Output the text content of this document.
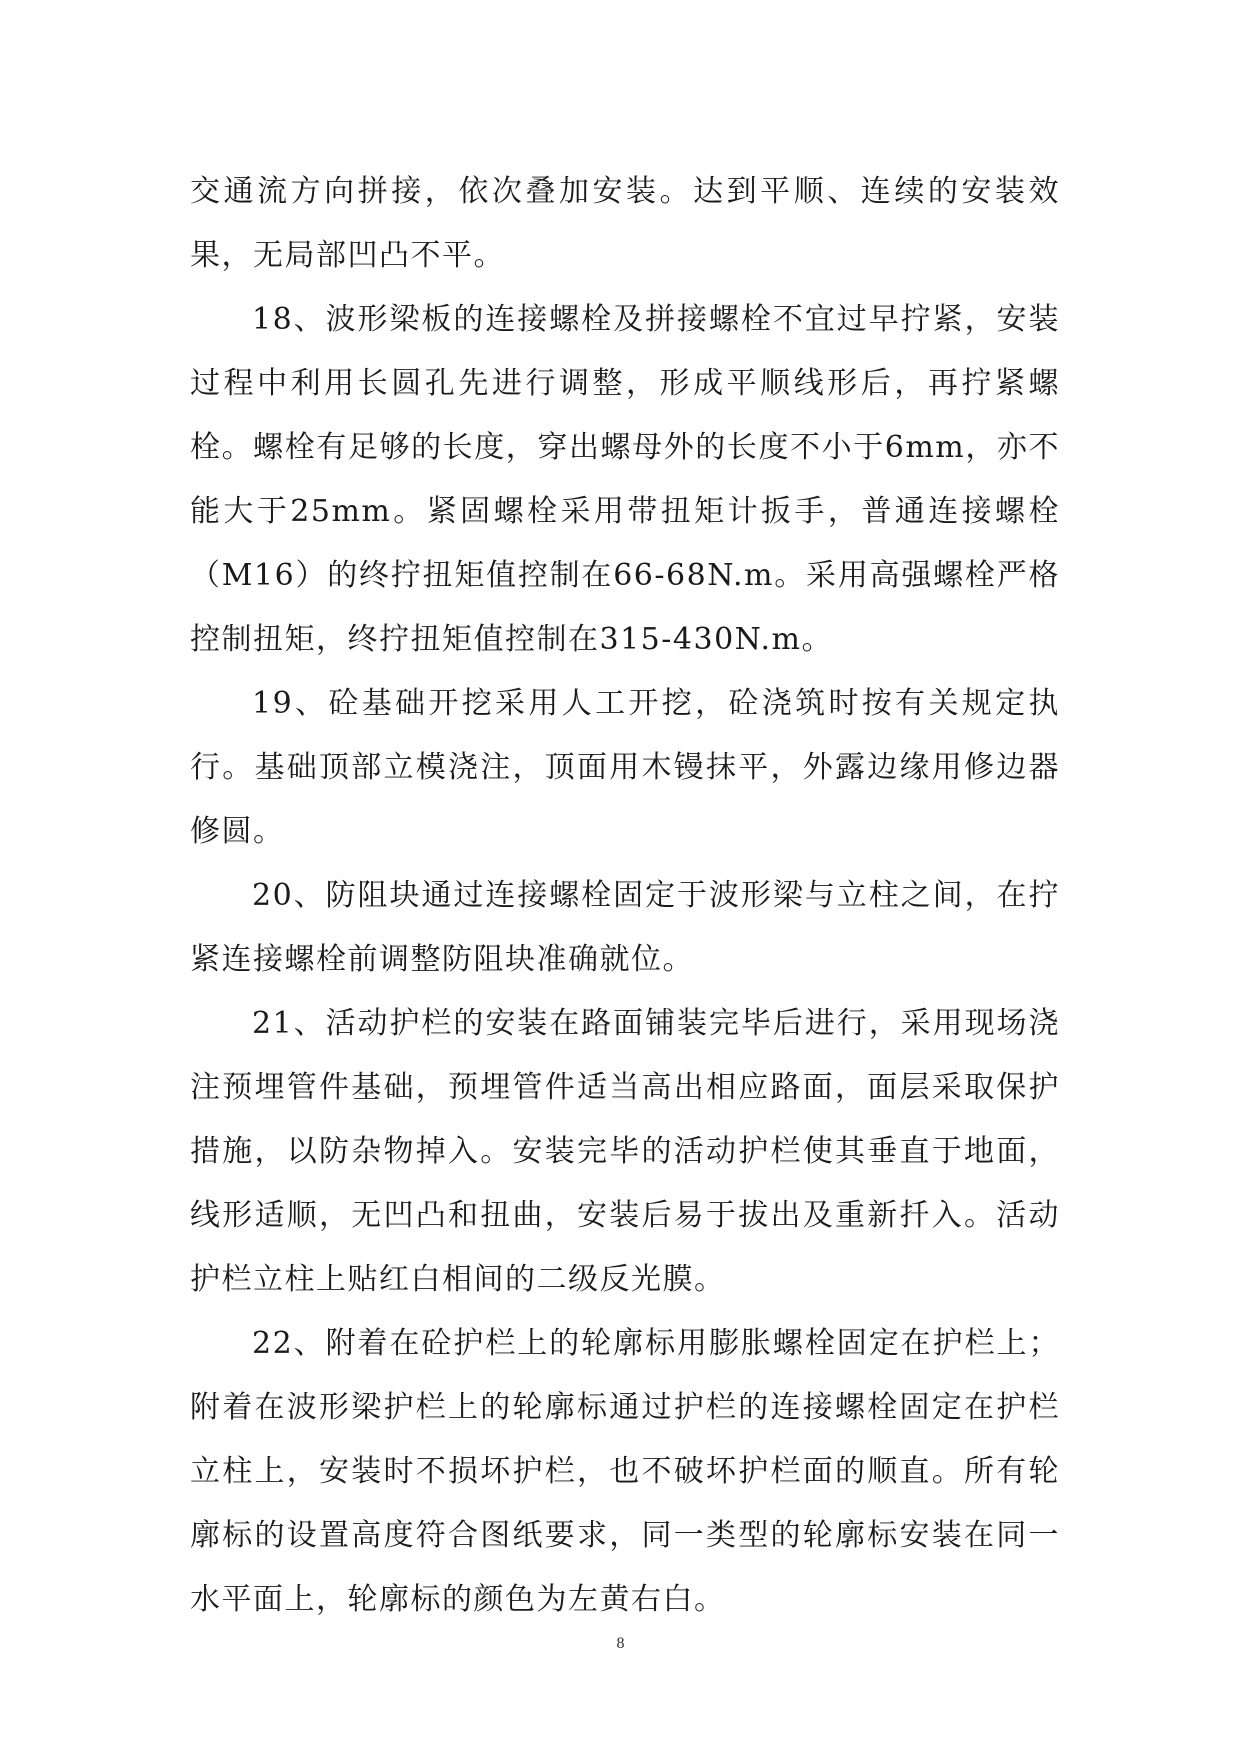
交通流方向拼接，依次叠加安装。达到平顺、连续的安装效果，无局部凹凸不平。

18、波形梁板的连接螺栓及拼接螺栓不宜过早拧紧，安装过程中利用长圆孔先进行调整，形成平顺线形后，再拧紧螺栓。螺栓有足够的长度，穿出螺母外的长度不小于6mm，亦不能大于25mm。紧固螺栓采用带扭矩计扳手，普通连接螺栓（M16）的终拧扭矩值控制在66-68N.m。采用高强螺栓严格控制扭矩，终拧扭矩值控制在315-430N.m。

19、砼基础开挖采用人工开挖，砼浇筑时按有关规定执行。基础顶部立模浇注，顶面用木镘抹平，外露边缘用修边器修圆。

20、防阻块通过连接螺栓固定于波形梁与立柱之间，在拧紧连接螺栓前调整防阻块准确就位。

21、活动护栏的安装在路面铺装完毕后进行，采用现场浇注预埋管件基础，预埋管件适当高出相应路面，面层采取保护措施，以防杂物掉入。安装完毕的活动护栏使其垂直于地面，线形适顺，无凹凸和扭曲，安装后易于拔出及重新扦入。活动护栏立柱上贴红白相间的二级反光膜。

22、附着在砼护栏上的轮廓标用膨胀螺栓固定在护栏上；附着在波形梁护栏上的轮廓标通过护栏的连接螺栓固定在护栏立柱上，安装时不损坏护栏，也不破坏护栏面的顺直。所有轮廓标的设置高度符合图纸要求，同一类型的轮廓标安装在同一水平面上，轮廓标的颜色为左黄右白。

8
